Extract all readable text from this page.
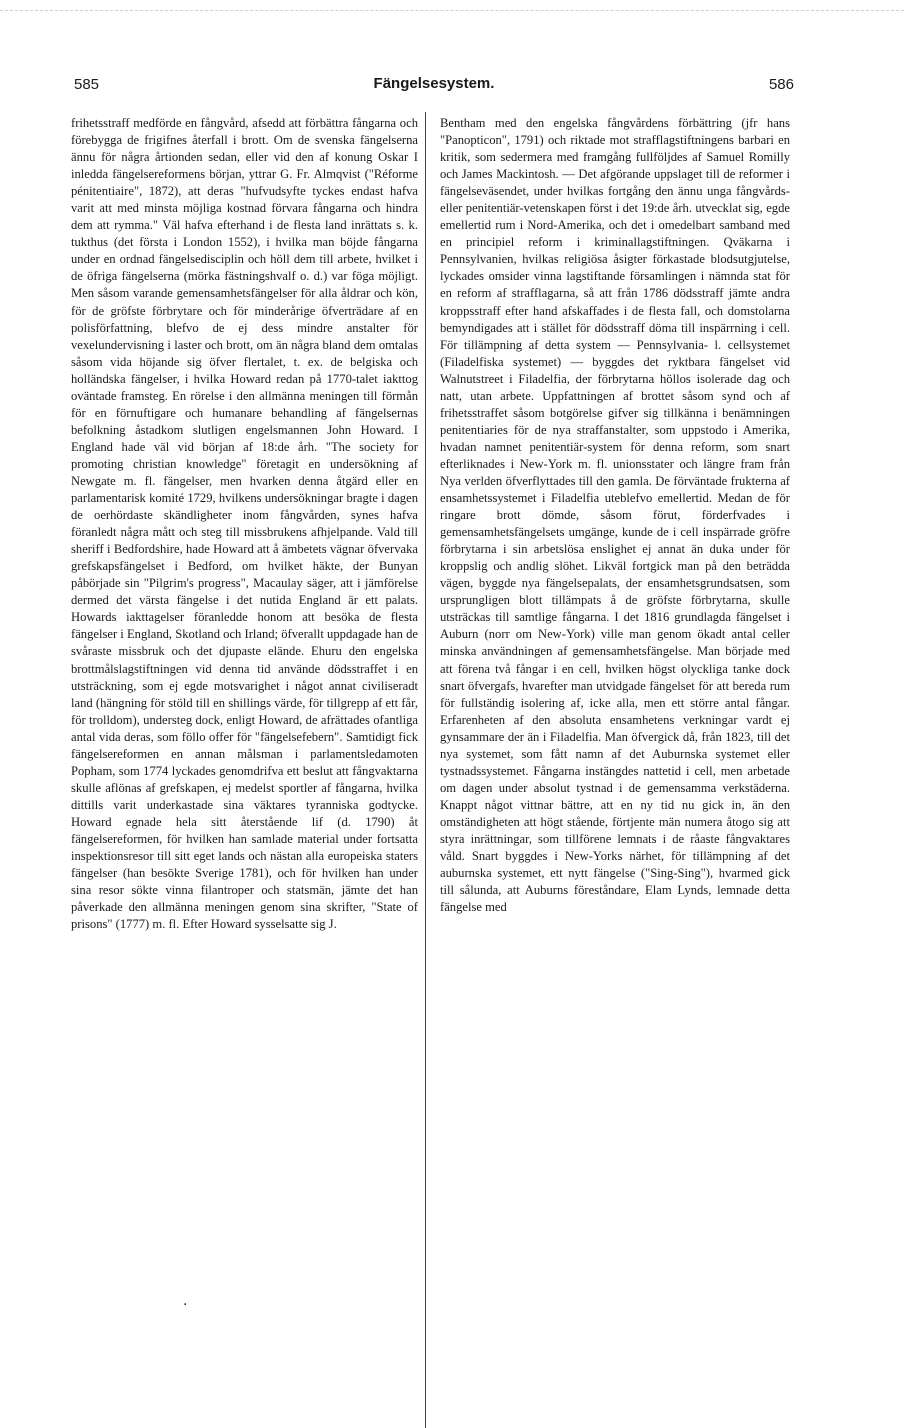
585	Fängelsesystem.	586

frihetsstraff medförde en fångvård, afsedd att förbättra fångarna och förebygga de frigifnes återfall i brott. Om de svenska fängelserna ännu för några årtionden sedan, eller vid den af konung Oskar I inledda fängelsereformens början, yttrar G. Fr. Almqvist ("Réforme pénitentiaire", 1872), att deras "hufvudsyfte tyckes endast hafva varit att med minsta möjliga kostnad förvara fångarna och hindra dem att rymma." Väl hafva efterhand i de flesta land inrättats s. k. tukthus (det första i London 1552), i hvilka man böjde fångarna under en ordnad fängelsedisciplin och höll dem till arbete, hvilket i de öfriga fängelserna (mörka fästningshvalf o. d.) var föga möjligt. Men såsom varande gemensamhetsfängelser för alla åldrar och kön, för de gröfste förbrytare och för minderårige öfverträdare af en polisförfattning, blefvo de ej dess mindre anstalter för vexelundervisning i laster och brott, om än några bland dem omtalas såsom vida höjande sig öfver flertalet, t. ex. de belgiska och holländska fängelser, i hvilka Howard redan på 1770-talet iakttog oväntade framsteg. En rörelse i den allmänna meningen till förmån för en förnuftigare och humanare behandling af fängelsernas befolkning åstadkom slutligen engelsmannen John Howard. I England hade väl vid början af 18:de årh. "The society for promoting christian knowledge" företagit en undersökning af Newgate m. fl. fängelser, men hvarken denna åtgärd eller en parlamentarisk komité 1729, hvilkens undersökningar bragte i dagen de oerhördaste skändligheter inom fångvården, synes hafva föranledt några mått och steg till missbrukens afhjelpande. Vald till sheriff i Bedfordshire, hade Howard att å ämbetets vägnar öfvervaka grefskapsfängelset i Bedford, om hvilket häkte, der Bunyan påbörjade sin "Pilgrim's progress", Macaulay säger, att i jämförelse dermed det värsta fängelse i det nutida England är ett palats. Howards iakttagelser föranledde honom att besöka de flesta fängelser i England, Skotland och Irland; öfverallt uppdagade han de svåraste missbruk och det djupaste elände. Ehuru den engelska brottmålslagstiftningen vid denna tid använde dödsstraffet i en utsträckning, som ej egde motsvarighet i något annat civiliseradt land (hängning för stöld till en shillings värde, för tillgrepp af ett får, för trolldom), understeg dock, enligt Howard, de afrättades ofantliga antal vida deras, som föllo offer för "fängelsefebern". Samtidigt fick fängelsereformen en annan målsman i parlamentsledamoten Popham, som 1774 lyckades genomdrifva ett beslut att fångvaktarna skulle aflönas af grefskapen, ej medelst sportler af fångarna, hvilka dittills varit underkastade sina väktares tyranniska godtycke. Howard egnade hela sitt återstående lif (d. 1790) åt fängelsereformen, för hvilken han samlade material under fortsatta inspektionsresor till sitt eget lands och nästan alla europeiska staters fängelser (han besökte Sverige 1781), och för hvilken han under sina resor sökte vinna filantroper och statsmän, jämte det han påverkade den allmänna meningen genom sina skrifter, "State of prisons" (1777) m. fl. Efter Howard sysselsatte sig J.

Bentham med den engelska fångvårdens förbättring (jfr hans "Panopticon", 1791) och riktade mot strafflagstiftningens barbari en kritik, som sedermera med framgång fullföljdes af Samuel Romilly och James Mackintosh. — Det afgörande uppslaget till de reformer i fängelseväsendet, under hvilkas fortgång den ännu unga fångvårds- eller penitentiär-vetenskapen först i det 19:de årh. utvecklat sig, egde emellertid rum i Nord-Amerika, och det i omedelbart samband med en principiel reform i kriminallagstiftningen. Qväkarna i Pennsylvanien, hvilkas religiösa åsigter förkastade blodsutgjutelse, lyckades omsider vinna lagstiftande församlingen i nämnda stat för en reform af strafflagarna, så att från 1786 dödsstraff jämte andra kroppsstraff efter hand afskaffades i de flesta fall, och domstolarna bemyndigades att i stället för dödsstraff döma till inspärrning i cell. För tillämpning af detta system — Pennsylvania- l. cellsystemet (Filadelfiska systemet) — byggdes det ryktbara fängelset vid Walnutstreet i Filadelfia, der förbrytarna höllos isolerade dag och natt, utan arbete. Uppfattningen af brottet såsom synd och af frihetsstraffet såsom botgörelse gifver sig tillkänna i benämningen penitentiaries för de nya straffanstalter, som uppstodo i Amerika, hvadan namnet penitentiär-system för denna reform, som snart efterliknades i New-York m. fl. unionsstater och längre fram från Nya verlden öfverflyttades till den gamla. De förväntade frukterna af ensamhetssystemet i Filadelfia uteblefvo emellertid. Medan de för ringare brott dömde, såsom förut, förderfvades i gemensamhetsfängelsets umgänge, kunde de i cell inspärrade gröfre förbrytarna i sin arbetslösa enslighet ej annat än duka under för kroppslig och andlig slöhet. Likväl fortgick man på den beträdda vägen, byggde nya fängelsepalats, der ensamhetsgrundsatsen, som ursprungligen blott tillämpats å de gröfste förbrytarna, skulle utsträckas till samtlige fångarna. I det 1816 grundlagda fängelset i Auburn (norr om New-York) ville man genom ökadt antal celler minska användningen af gemensamhetsfängelse. Man började med att förena två fångar i en cell, hvilken högst olyckliga tanke dock snart öfvergafs, hvarefter man utvidgade fängelset för att bereda rum för fullständig isolering af, icke alla, men ett större antal fångar. Erfarenheten af den absoluta ensamhetens verkningar vardt ej gynsammare der än i Filadelfia. Man öfvergick då, från 1823, till det nya systemet, som fått namn af det Auburnska systemet eller tystnadssystemet. Fångarna instängdes nattetid i cell, men arbetade om dagen under absolut tystnad i de gemensamma verkstäderna. Knappt något vittnar bättre, att en ny tid nu gick in, än den omständigheten att högt stående, förtjente män numera åtogo sig att styra inrättningar, som tillförene lemnats i de råaste fångvaktares våld. Snart byggdes i New-Yorks närhet, för tillämpning af det auburnska systemet, ett nytt fängelse ("Sing-Sing"), hvarmed gick till sålunda, att Auburns föreståndare, Elam Lynds, lemnade detta fängelse med

·
